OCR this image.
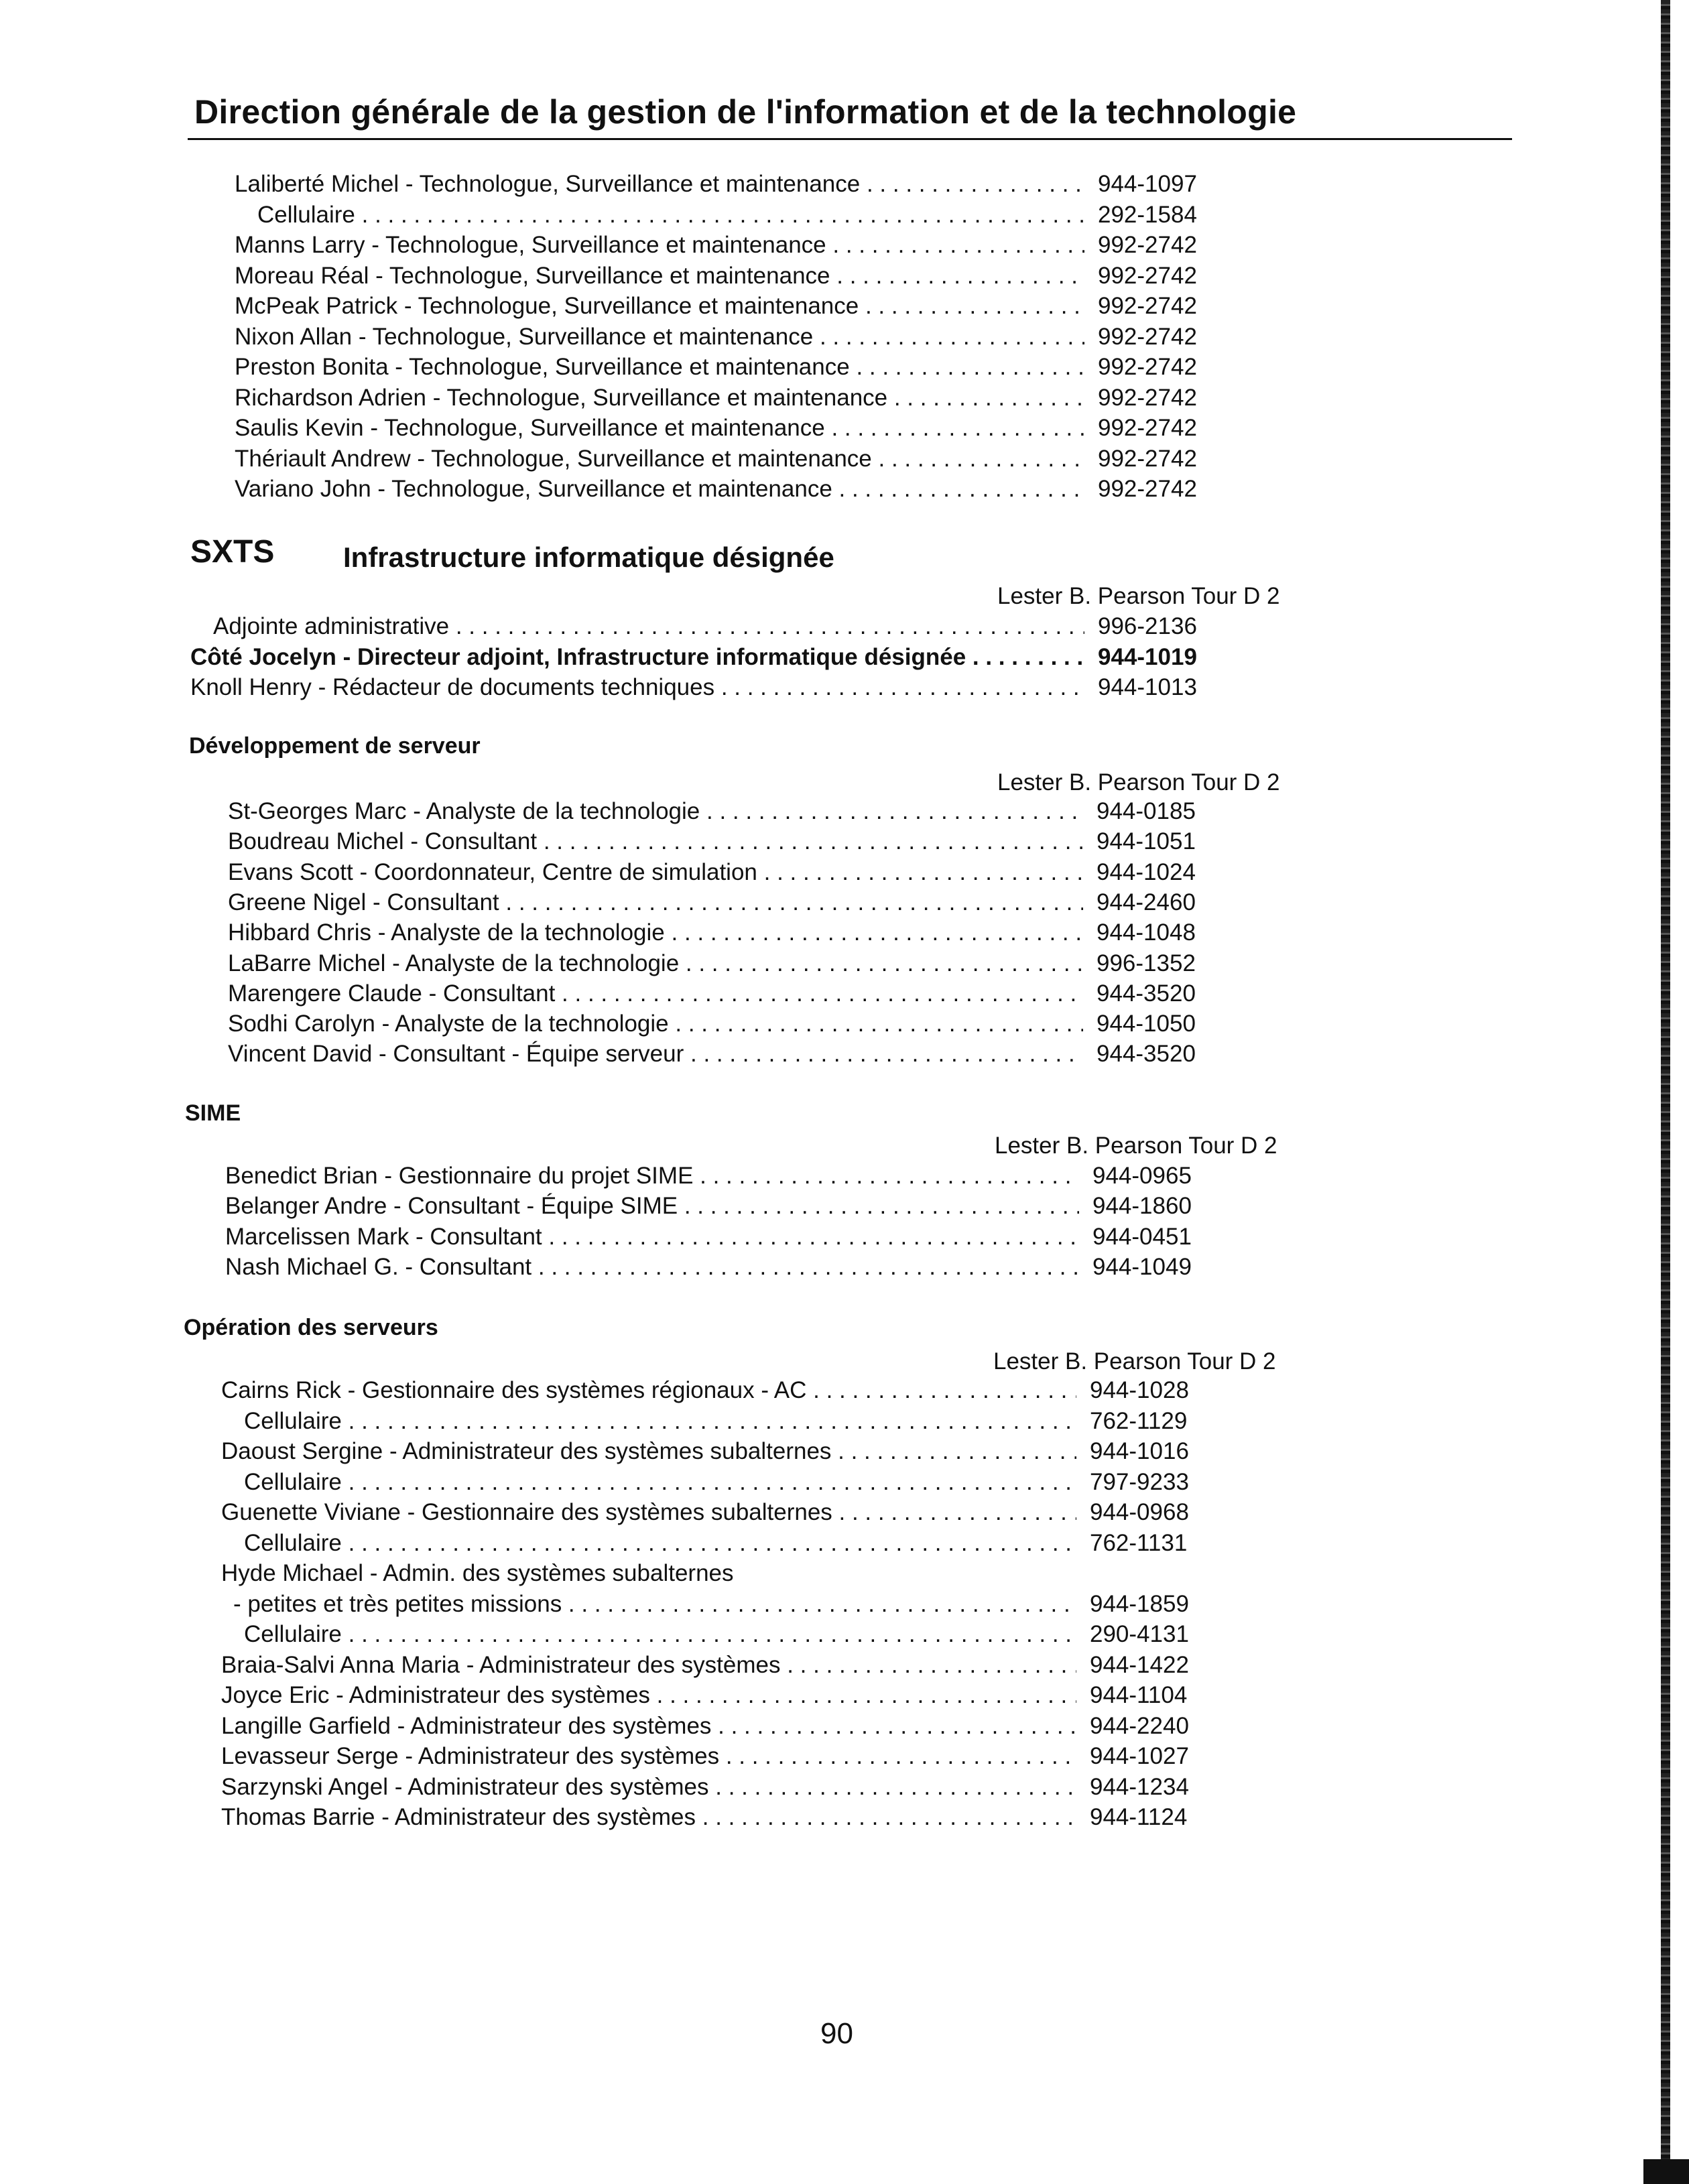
Direction générale de la gestion de l'information et de la technologie
Laliberté Michel - Technologue, Surveillance et maintenance . . .	944-1097
Cellulaire . . .	292-1584
Manns Larry - Technologue, Surveillance et maintenance . . .	992-2742
Moreau Réal - Technologue, Surveillance et maintenance . . .	992-2742
McPeak Patrick - Technologue, Surveillance et maintenance . . .	992-2742
Nixon Allan - Technologue, Surveillance et maintenance . . .	992-2742
Preston Bonita - Technologue, Surveillance et maintenance . . .	992-2742
Richardson Adrien - Technologue, Surveillance et maintenance . . .	992-2742
Saulis Kevin - Technologue, Surveillance et maintenance . . .	992-2742
Thériault Andrew - Technologue, Surveillance et maintenance . . .	992-2742
Variano John - Technologue, Surveillance et maintenance . . .	992-2742
SXTS Infrastructure informatique désignée
Lester B. Pearson Tour D 2
Adjointe administrative . . .	996-2136
Côté Jocelyn - Directeur adjoint, Infrastructure informatique désignée . . .	944-1019
Knoll Henry - Rédacteur de documents techniques . . .	944-1013
Développement de serveur
Lester B. Pearson Tour D 2
St-Georges Marc - Analyste de la technologie . . .	944-0185
Boudreau Michel - Consultant . . .	944-1051
Evans Scott - Coordonnateur, Centre de simulation . . .	944-1024
Greene Nigel - Consultant . . .	944-2460
Hibbard Chris - Analyste de la technologie . . .	944-1048
LaBarre Michel - Analyste de la technologie . . .	996-1352
Marengere Claude - Consultant . . .	944-3520
Sodhi Carolyn - Analyste de la technologie . . .	944-1050
Vincent David - Consultant - Équipe serveur . . .	944-3520
SIME
Lester B. Pearson Tour D 2
Benedict Brian - Gestionnaire du projet SIME . . .	944-0965
Belanger Andre - Consultant - Équipe SIME . . .	944-1860
Marcelissen Mark - Consultant . . .	944-0451
Nash Michael G. - Consultant . . .	944-1049
Opération des serveurs
Lester B. Pearson Tour D 2
Cairns Rick - Gestionnaire des systèmes régionaux - AC . . .	944-1028
Cellulaire . . .	762-1129
Daoust Sergine - Administrateur des systèmes subalternes . . .	944-1016
Cellulaire . . .	797-9233
Guenette Viviane - Gestionnaire des systèmes subalternes . . .	944-0968
Cellulaire . . .	762-1131
Hyde Michael - Admin. des systèmes subalternes
- petites et très petites missions . . .	944-1859
Cellulaire . . .	290-4131
Braia-Salvi Anna Maria - Administrateur des systèmes . . .	944-1422
Joyce Eric - Administrateur des systèmes . . .	944-1104
Langille Garfield - Administrateur des systèmes . . .	944-2240
Levasseur Serge - Administrateur des systèmes . . .	944-1027
Sarzynski Angel - Administrateur des systèmes . . .	944-1234
Thomas Barrie - Administrateur des systèmes . . .	944-1124
90
